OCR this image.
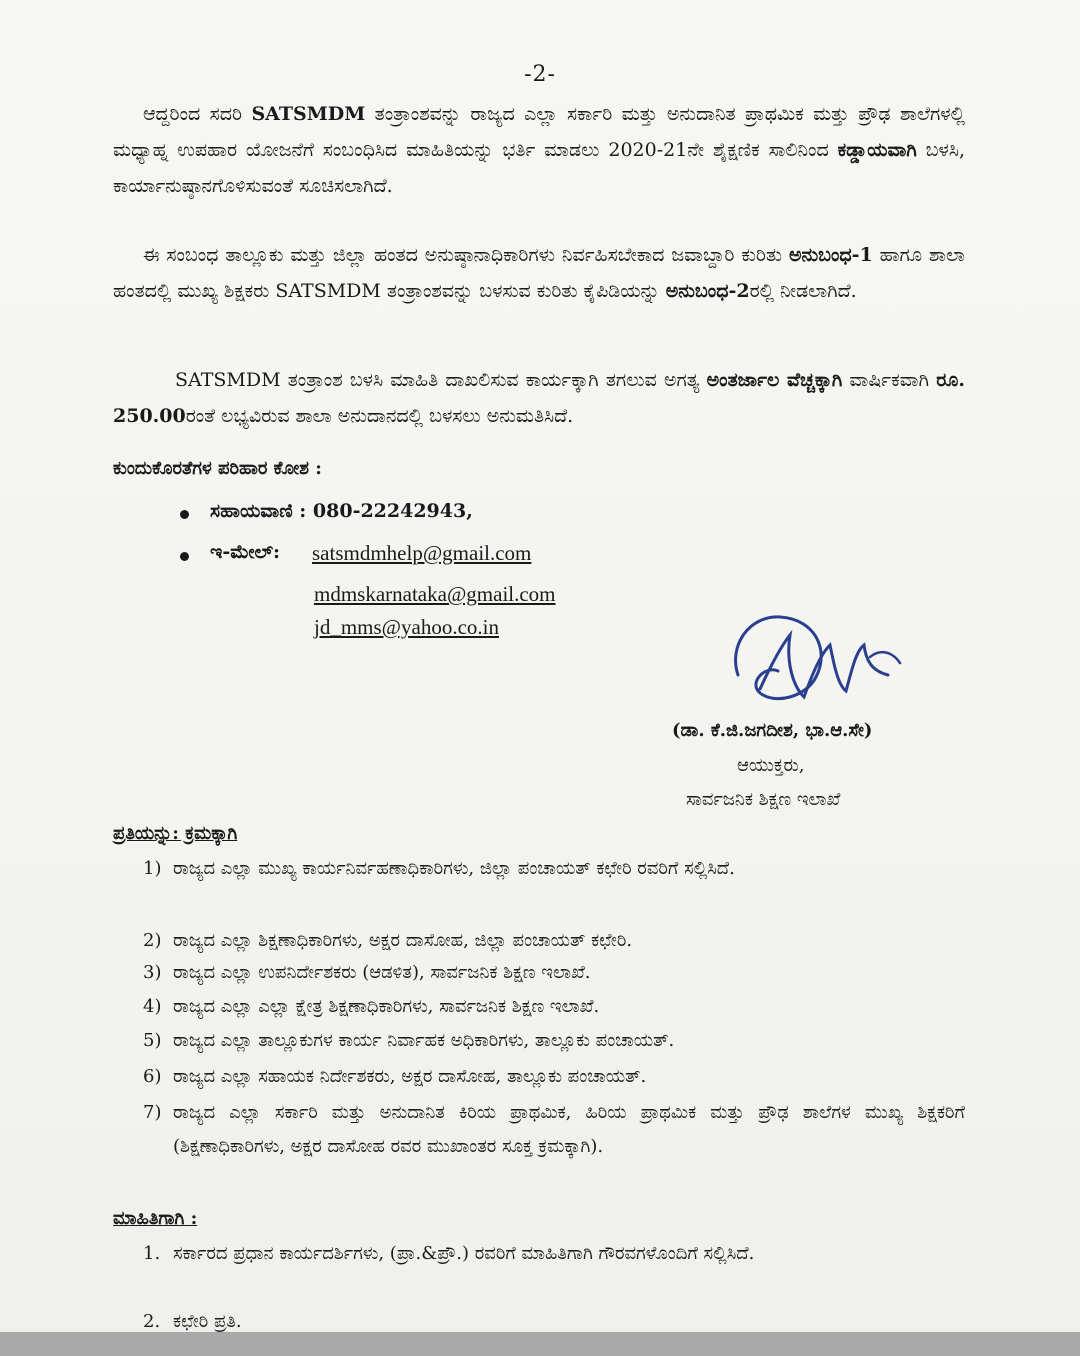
-2-
ಆದ್ದರಿಂದ ಸದರಿ SATSMDM ತಂತ್ರಾಂಶವನ್ನು ರಾಜ್ಯದ ಎಲ್ಲಾ ಸರ್ಕಾರಿ ಮತ್ತು ಅನುದಾನಿತ ಪ್ರಾಥಮಿಕ ಮತ್ತು ಪ್ರೌಢ ಶಾಲೆಗಳಲ್ಲಿ ಮಧ್ಯಾಹ್ನ ಉಪಹಾರ ಯೋಜನೆಗೆ ಸಂಬಂಧಿಸಿದ ಮಾಹಿತಿಯನ್ನು ಭರ್ತಿ ಮಾಡಲು 2020-21ನೇ ಶೈಕ್ಷಣಿಕ ಸಾಲಿನಿಂದ ಕಡ್ಡಾಯವಾಗಿ ಬಳಸಿ, ಕಾರ್ಯಾನುಷ್ಠಾನಗೊಳಿಸುವಂತೆ ಸೂಚಿಸಲಾಗಿದೆ.
ಈ ಸಂಬಂಧ ತಾಲ್ಲೂಕು ಮತ್ತು ಜಿಲ್ಲಾ ಹಂತದ ಅನುಷ್ಠಾನಾಧಿಕಾರಿಗಳು ನಿರ್ವಹಿಸಬೇಕಾದ ಜವಾಬ್ದಾರಿ ಕುರಿತು ಅನುಬಂಧ-1 ಹಾಗೂ ಶಾಲಾ ಹಂತದಲ್ಲಿ ಮುಖ್ಯ ಶಿಕ್ಷಕರು SATSMDM ತಂತ್ರಾಂಶವನ್ನು ಬಳಸುವ ಕುರಿತು ಕೈಪಿಡಿಯನ್ನು ಅನುಬಂಧ-2ರಲ್ಲಿ ನೀಡಲಾಗಿದೆ.
SATSMDM ತಂತ್ರಾಂಶ ಬಳಸಿ ಮಾಹಿತಿ ದಾಖಲಿಸುವ ಕಾರ್ಯಕ್ಕಾಗಿ ತಗಲುವ ಅಗತ್ಯ ಅಂತರ್ಜಾಲ ವೆಚ್ಚಕ್ಕಾಗಿ ವಾರ್ಷಿಕವಾಗಿ ರೂ. 250.00ರಂತೆ ಲಭ್ಯವಿರುವ ಶಾಲಾ ಅನುದಾನದಲ್ಲಿ ಬಳಸಲು ಅನುಮತಿಸಿದೆ.
ಕುಂದುಕೊರತೆಗಳ ಪರಿಹಾರ ಕೋಶ :
ಸಹಾಯವಾಣಿ : 080-22242943,
ಇ-ಮೇಲ್: satsmdmhelp@gmail.com
mdmskarnataka@gmail.com
jd_mms@yahoo.co.in
(ಡಾ. ಕೆ.ಜಿ.ಜಗದೀಶ, ಭಾ.ಆ.ಸೇ)
ಆಯುಕ್ತರು,
ಸಾರ್ವಜನಿಕ ಶಿಕ್ಷಣ ಇಲಾಖೆ
ಪ್ರತಿಯನ್ನು: ಕ್ರಮಕ್ಕಾಗಿ
1) ರಾಜ್ಯದ ಎಲ್ಲಾ ಮುಖ್ಯ ಕಾರ್ಯನಿರ್ವಹಣಾಧಿಕಾರಿಗಳು, ಜಿಲ್ಲಾ ಪಂಚಾಯತ್ ಕಛೇರಿ ರವರಿಗೆ ಸಲ್ಲಿಸಿದೆ.
2) ರಾಜ್ಯದ ಎಲ್ಲಾ ಶಿಕ್ಷಣಾಧಿಕಾರಿಗಳು, ಅಕ್ಷರ ದಾಸೋಹ, ಜಿಲ್ಲಾ ಪಂಚಾಯತ್ ಕಛೇರಿ.
3) ರಾಜ್ಯದ ಎಲ್ಲಾ ಉಪನಿರ್ದೇಶಕರು (ಆಡಳಿತ), ಸಾರ್ವಜನಿಕ ಶಿಕ್ಷಣ ಇಲಾಖೆ.
4) ರಾಜ್ಯದ ಎಲ್ಲಾ ಎಲ್ಲಾ ಕ್ಷೇತ್ರ ಶಿಕ್ಷಣಾಧಿಕಾರಿಗಳು, ಸಾರ್ವಜನಿಕ ಶಿಕ್ಷಣ ಇಲಾಖೆ.
5) ರಾಜ್ಯದ ಎಲ್ಲಾ ತಾಲ್ಲೂಕುಗಳ ಕಾರ್ಯ ನಿರ್ವಾಹಕ ಅಧಿಕಾರಿಗಳು, ತಾಲ್ಲೂಕು ಪಂಚಾಯತ್.
6) ರಾಜ್ಯದ ಎಲ್ಲಾ ಸಹಾಯಕ ನಿರ್ದೇಶಕರು, ಅಕ್ಷರ ದಾಸೋಹ, ತಾಲ್ಲೂಕು ಪಂಚಾಯತ್.
7) ರಾಜ್ಯದ ಎಲ್ಲಾ ಸರ್ಕಾರಿ ಮತ್ತು ಅನುದಾನಿತ ಕಿರಿಯ ಪ್ರಾಥಮಿಕ, ಹಿರಿಯ ಪ್ರಾಥಮಿಕ ಮತ್ತು ಪ್ರೌಢ ಶಾಲೆಗಳ ಮುಖ್ಯ ಶಿಕ್ಷಕರಿಗೆ (ಶಿಕ್ಷಣಾಧಿಕಾರಿಗಳು, ಅಕ್ಷರ ದಾಸೋಹ ರವರ ಮುಖಾಂತರ ಸೂಕ್ತ ಕ್ರಮಕ್ಕಾಗಿ).
ಮಾಹಿತಿಗಾಗಿ :
1. ಸರ್ಕಾರದ ಪ್ರಧಾನ ಕಾರ್ಯದರ್ಶಿಗಳು, (ಪ್ರಾ.&ಪ್ರೌ.) ರವರಿಗೆ ಮಾಹಿತಿಗಾಗಿ ಗೌರವಗಳೊಂದಿಗೆ ಸಲ್ಲಿಸಿದೆ.
2. ಕಛೇರಿ ಪ್ರತಿ.
